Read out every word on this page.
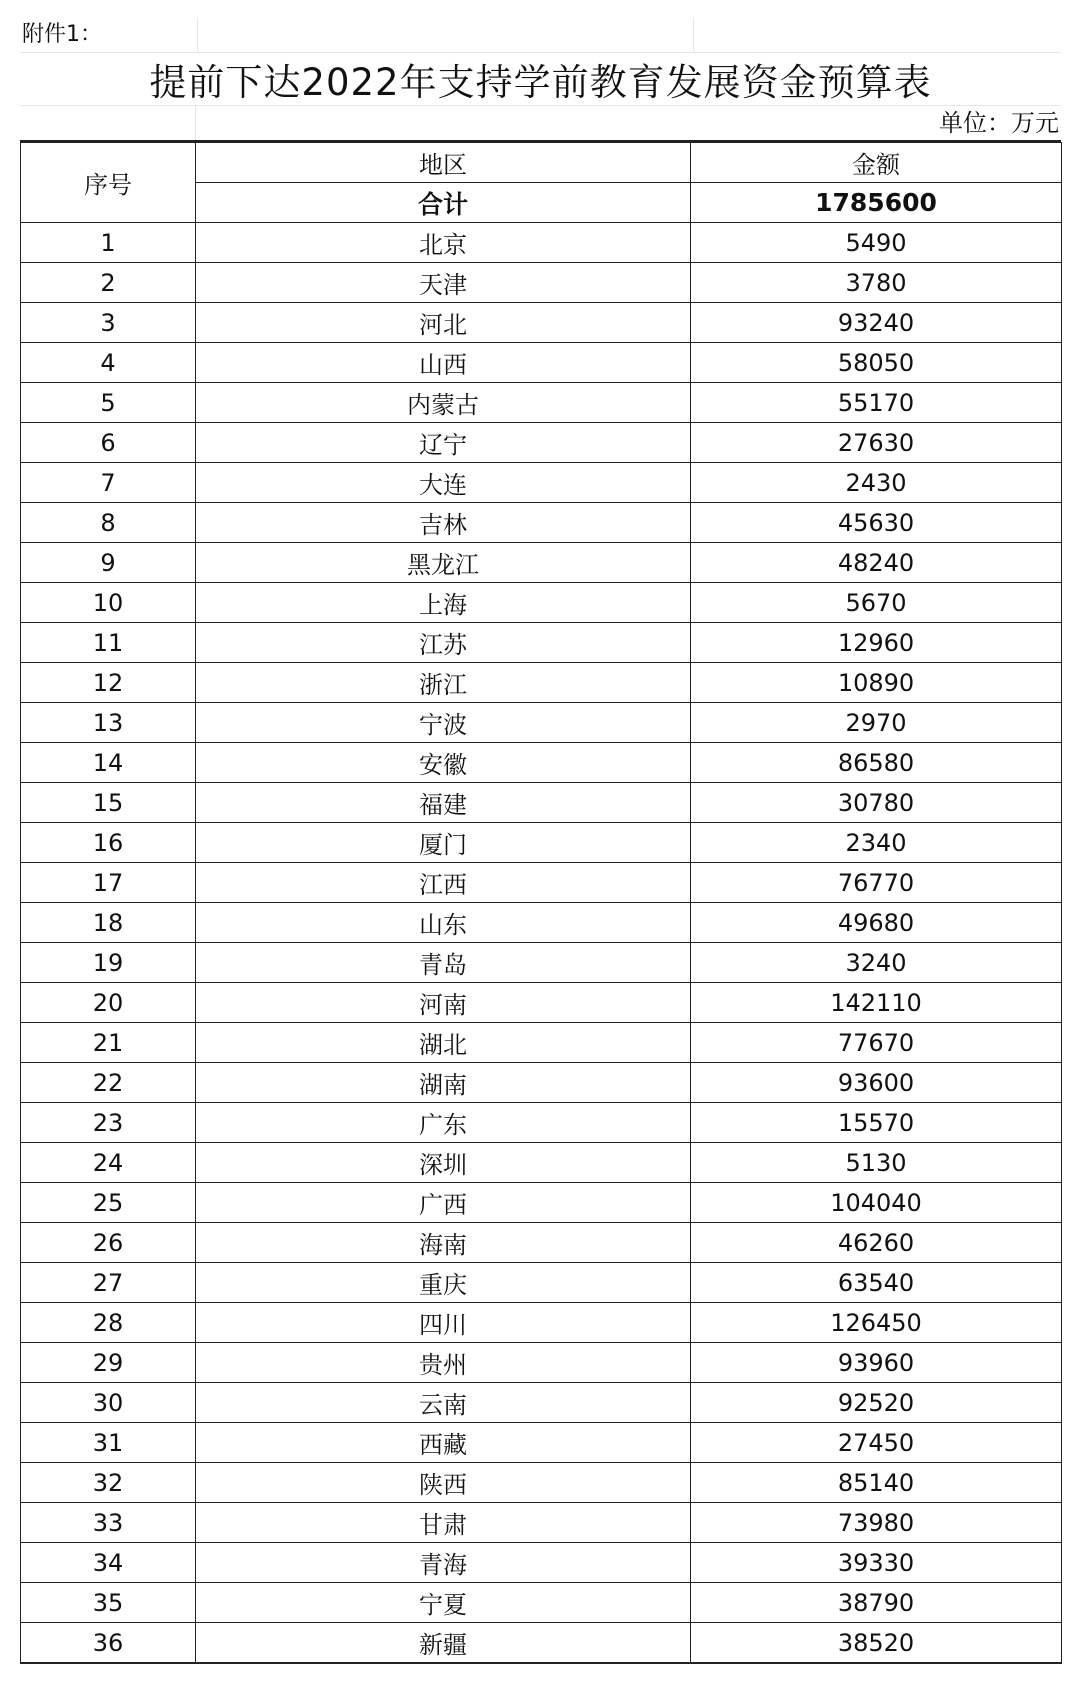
附件1：
提前下达2022年支持学前教育发展资金预算表
单位：万元
序号	地区	金额
	合计	1785600
1	北京	5490
2	天津	3780
3	河北	93240
4	山西	58050
5	内蒙古	55170
6	辽宁	27630
7	大连	2430
8	吉林	45630
9	黑龙江	48240
10	上海	5670
11	江苏	12960
12	浙江	10890
13	宁波	2970
14	安徽	86580
15	福建	30780
16	厦门	2340
17	江西	76770
18	山东	49680
19	青岛	3240
20	河南	142110
21	湖北	77670
22	湖南	93600
23	广东	15570
24	深圳	5130
25	广西	104040
26	海南	46260
27	重庆	63540
28	四川	126450
29	贵州	93960
30	云南	92520
31	西藏	27450
32	陕西	85140
33	甘肃	73980
34	青海	39330
35	宁夏	38790
36	新疆	38520
